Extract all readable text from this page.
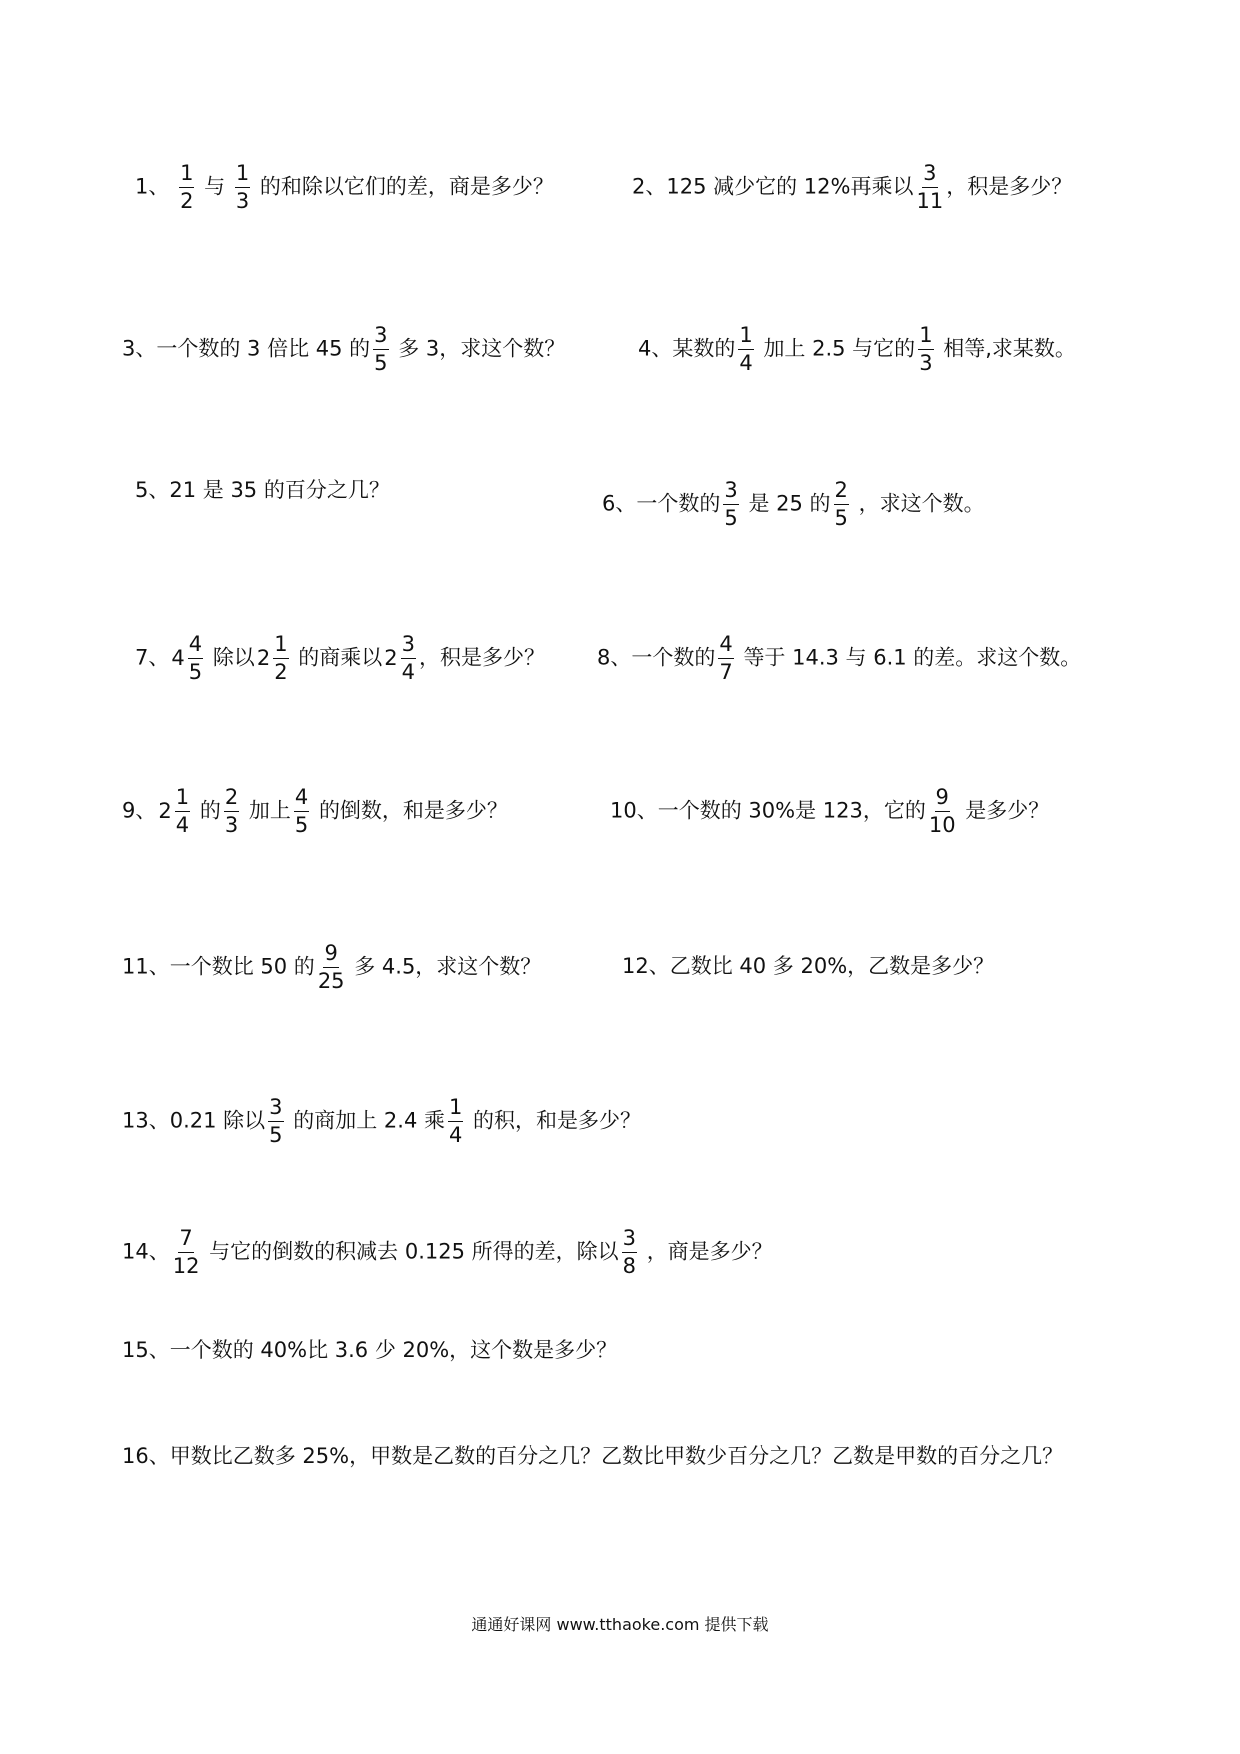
1、 $\frac{1}{2}$ 与 $\frac{1}{3}$ 的和除以它们的差，商是多少？	2、125 减少它的 12%再乘以 $\frac{3}{11}$ ，积是多少？
3、一个数的 3 倍比 45 的 $\frac{3}{5}$ 多 3，求这个数？	4、某数的 $\frac{1}{4}$ 加上 2.5 与它的 $\frac{1}{3}$ 相等,求某数。
5、21 是 35 的百分之几？
6、一个数的 $\frac{3}{5}$ 是 25 的 $\frac{2}{5}$ ，求这个数。
7、$4 \frac{4}{5}$ 除以$2 \frac{1}{2}$ 的商乘以$2 \frac{3}{4}$ ，积是多少？ 8、一个数的 $\frac{4}{7}$ 等于 14.3 与 6.1 的差。求这个数。
9、$2 \frac{1}{4}$ 的 $\frac{2}{3}$ 加上 $\frac{4}{5}$ 的倒数，和是多少？	10、一个数的 30%是 123，它的 $\frac{9}{10}$ 是多少？
11、一个数比 50 的 $\frac{9}{25}$ 多 4.5，求这个数？	12、乙数比 40 多 20%，乙数是多少？
13、0.21 除以 $\frac{3}{5}$ 的商加上 2.4 乘 $\frac{1}{4}$ 的积，和是多少？
14、 $\frac{7}{12}$ 与它的倒数的积减去 0.125 所得的差，除以 $\frac{3}{8}$ ，商是多少？
15、一个数的 40%比 3.6 少 20%，这个数是多少？
16、甲数比乙数多 25%，甲数是乙数的百分之几？乙数比甲数少百分之几？乙数是甲数的百分之几？
通通好课网 www.tthaoke.com 提供下载
